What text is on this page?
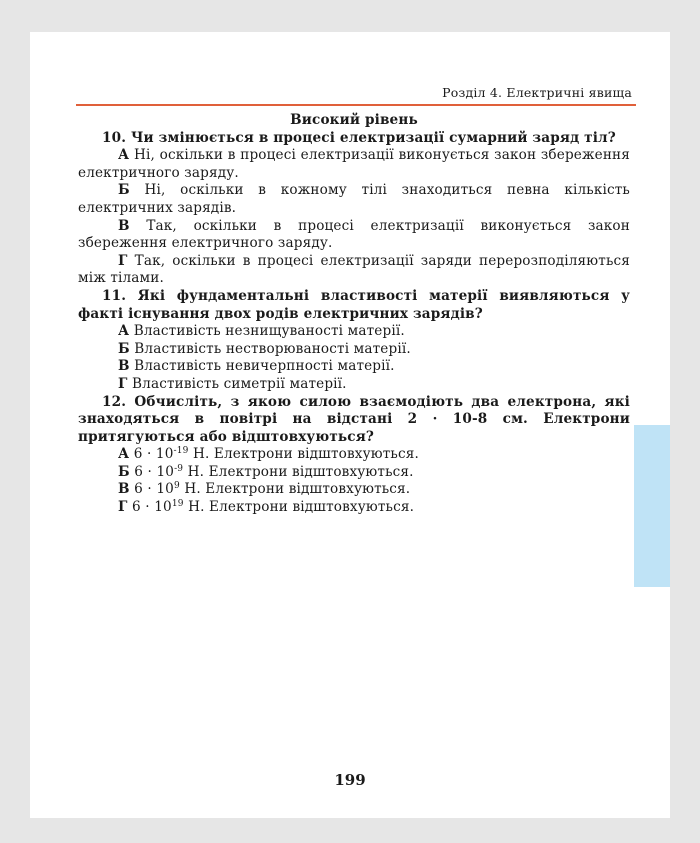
Розділ 4. Електричні явища
Високий рівень
10. Чи змінюється в процесі електризації сумарний заряд тіл?
А Ні, оскільки в процесі електризації виконується закон збереження електричного заряду.
Б Ні, оскільки в кожному тілі знаходиться певна кількість електричних зарядів.
В Так, оскільки в процесі електризації виконується закон збереження електричного заряду.
Г Так, оскільки в процесі електризації заряди перерозподіляються між тілами.
11. Які фундаментальні властивості матерії виявляються у факті існування двох родів електричних зарядів?
А Властивість незнищуваності матерії.
Б Властивість нестворюваності матерії.
В Властивість невичерпності матерії.
Г Властивість симетрії матерії.
12. Обчисліть, з якою силою взаємодіють два електрона, які знаходяться в повітрі на відстані 2 · 10-8 см. Електрони притягуються або відштовхуються?
А $6 \cdot 10^{-19}$ Н. Електрони відштовхуються.
Б $6 \cdot 10^{-9}$ Н. Електрони відштовхуються.
В $6 \cdot 10^9$ Н. Електрони відштовхуються.
Г $6 \cdot 10^{19}$ Н. Електрони відштовхуються.
199
